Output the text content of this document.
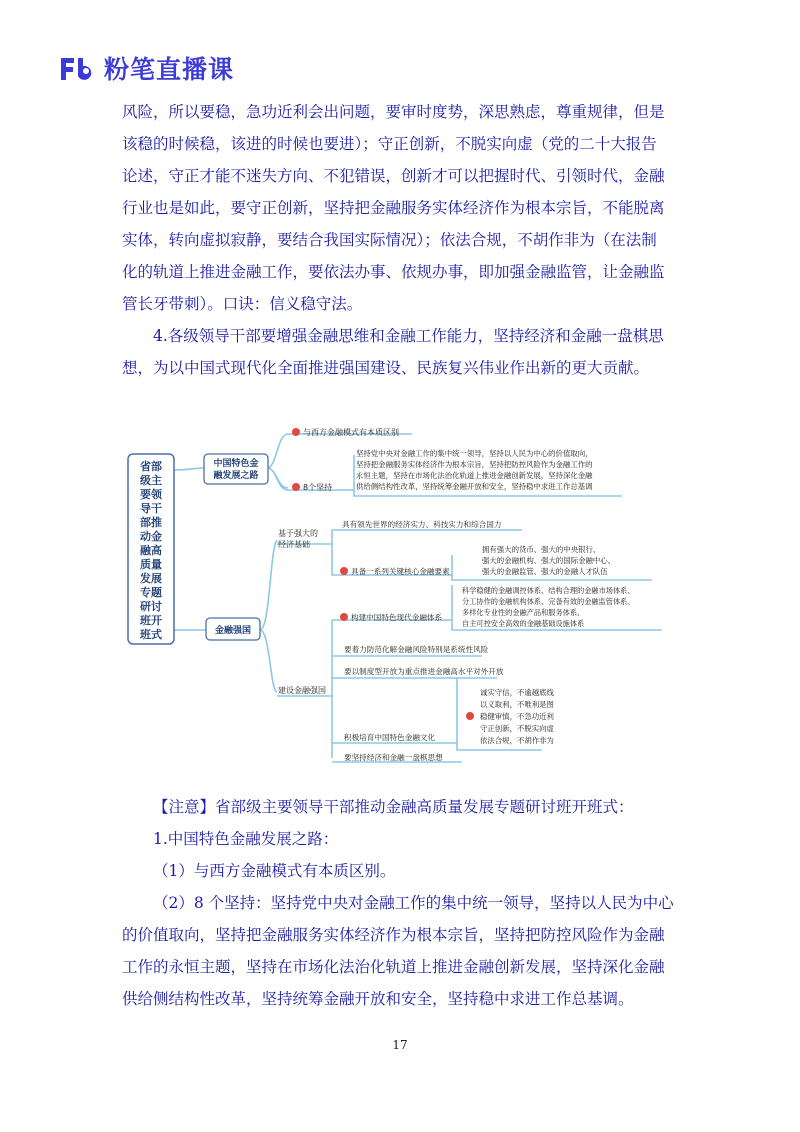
粉笔直播课
风险，所以要稳，急功近利会出问题，要审时度势，深思熟虑，尊重规律，但是
该稳的时候稳，该进的时候也要进）；守正创新，不脱实向虚（党的二十大报告
论述，守正才能不迷失方向、不犯错误，创新才可以把握时代、引领时代，金融
行业也是如此，要守正创新，坚持把金融服务实体经济作为根本宗旨，不能脱离
实体，转向虚拟寂静，要结合我国实际情况）；依法合规，不胡作非为（在法制
化的轨道上推进金融工作，要依法办事、依规办事，即加强金融监管，让金融监
管长牙带刺）。口诀：信义稳守法。
4.各级领导干部要增强金融思维和金融工作能力，坚持经济和金融一盘棋思
想，为以中国式现代化全面推进强国建设、民族复兴伟业作出新的更大贡献。
省部
级主
要领
导干
部推
动金
融高
质量
发展
专题
研讨
班开
班式
中国特色金
融发展之路
与西方金融模式有本质区别
8个坚持
坚持党中央对金融工作的集中统一领导，坚持以人民为中心的价值取向，
坚持把金融服务实体经济作为根本宗旨，坚持把防控风险作为金融工作的
永恒主题，坚持在市场化法治化轨道上推进金融创新发展，坚持深化金融
供给侧结构性改革，坚持统筹金融开放和安全，坚持稳中求进工作总基调
金融强国
基于强大的
经济基础
具有领先世界的经济实力、科技实力和综合国力
具备一系列关键核心金融要素
拥有强大的货币、强大的中央银行、
强大的金融机构、强大的国际金融中心、
强大的金融监管、强大的金融人才队伍
建设金融强国
构建中国特色现代金融体系
科学稳健的金融调控体系、结构合理的金融市场体系、
分工协作的金融机构体系、完备有效的金融监管体系、
多样化专业性的金融产品和服务体系、
自主可控安全高效的金融基础设施体系
要着力防范化解金融风险特别是系统性风险
要以制度型开放为重点推进金融高水平对外开放
积极培育中国特色金融文化
诚实守信，不逾越底线
以义取利，不唯利是图
稳健审慎，不急功近利
守正创新，不脱实向虚
依法合规，不胡作非为
要坚持经济和金融一盘棋思想
【注意】省部级主要领导干部推动金融高质量发展专题研讨班开班式：
1.中国特色金融发展之路：
（1）与西方金融模式有本质区别。
（2）8 个坚持：坚持党中央对金融工作的集中统一领导，坚持以人民为中心
的价值取向，坚持把金融服务实体经济作为根本宗旨，坚持把防控风险作为金融
工作的永恒主题，坚持在市场化法治化轨道上推进金融创新发展，坚持深化金融
供给侧结构性改革，坚持统筹金融开放和安全，坚持稳中求进工作总基调。
17
